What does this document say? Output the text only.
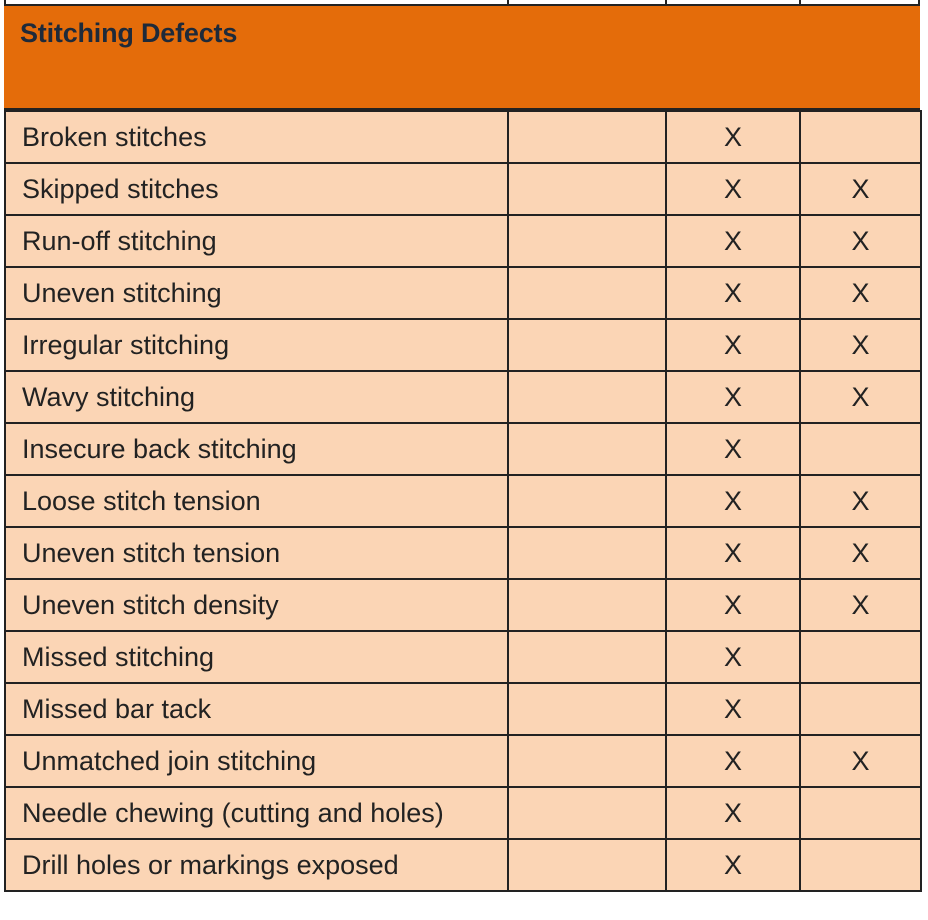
Stitching Defects
Broken stitches		X	
Skipped stitches		X	X
Run-off stitching		X	X
Uneven stitching		X	X
Irregular stitching		X	X
Wavy stitching		X	X
Insecure back stitching		X	
Loose stitch tension		X	X
Uneven stitch tension		X	X
Uneven stitch density		X	X
Missed stitching		X	
Missed bar tack		X	
Unmatched join stitching		X	X
Needle chewing (cutting and holes)		X	
Drill holes or markings exposed		X	
